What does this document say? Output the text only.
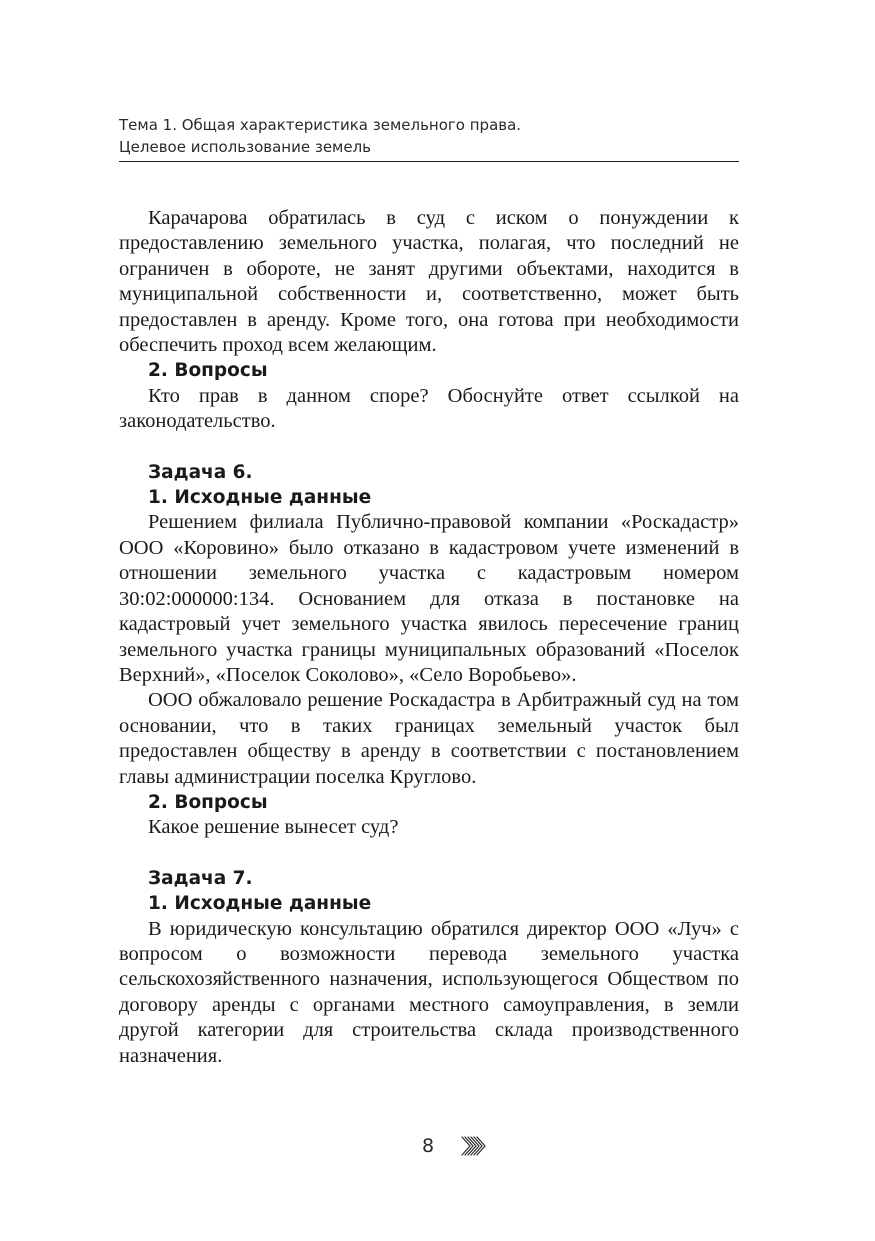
Тема 1. Общая характеристика земельного права.
Целевое использование земель

Карачарова обратилась в суд с иском о понуждении к предоставлению земельного участка, полагая, что последний не ограничен в обороте, не занят другими объектами, находится в муниципальной собственности и, соответственно, может быть предоставлен в аренду. Кроме того, она готова при необходимости обеспечить проход всем желающим.

2. Вопросы

Кто прав в данном споре? Обоснуйте ответ ссылкой на законодательство.

Задача 6.
1. Исходные данные

Решением филиала Публично-правовой компании «Роскадастр» ООО «Коровино» было отказано в кадастровом учете изменений в отношении земельного участка с кадастровым номером 30:02:000000:134. Основанием для отказа в постановке на кадастровый учет земельного участка явилось пересечение границ земельного участка границы муниципальных образований «Поселок Верхний», «Поселок Соколово», «Село Воробьево».

ООО обжаловало решение Роскадастра в Арбитражный суд на том основании, что в таких границах земельный участок был предоставлен обществу в аренду в соответствии с постановлением главы администрации поселка Круглово.

2. Вопросы

Какое решение вынесет суд?

Задача 7.
1. Исходные данные

В юридическую консультацию обратился директор ООО «Луч» с вопросом о возможности перевода земельного участка сельскохозяйственного назначения, использующегося Обществом по договору аренды с органами местного самоуправления, в земли другой категории для строительства склада производственного назначения.

8
